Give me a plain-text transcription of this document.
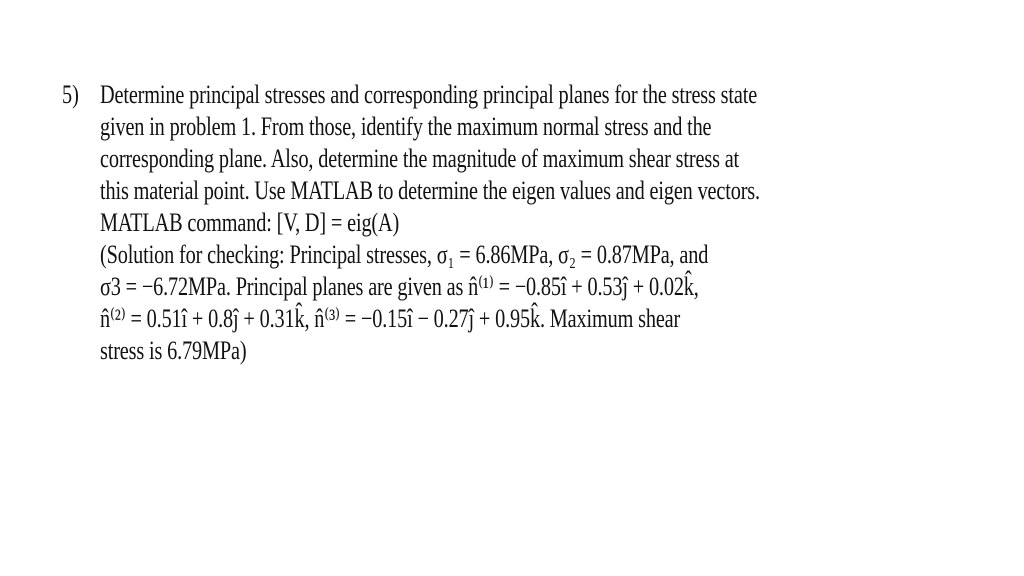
5) Determine principal stresses and corresponding principal planes for the stress state
given in problem 1. From those, identify the maximum normal stress and the
corresponding plane. Also, determine the magnitude of maximum shear stress at
this material point. Use MATLAB to determine the eigen values and eigen vectors.
MATLAB command: [V, D] = eig(A)
(Solution for checking: Principal stresses, σ₁ = 6.86MPa, σ₂ = 0.87MPa, and
σ3 = −6.72MPa. Principal planes are given as n̂⁽¹⁾ = −0.85î + 0.53ĵ + 0.02k̂,
n̂⁽²⁾ = 0.51î + 0.8ĵ + 0.31k̂, n̂⁽³⁾ = −0.15î − 0.27ĵ + 0.95k̂. Maximum shear
stress is 6.79MPa)
